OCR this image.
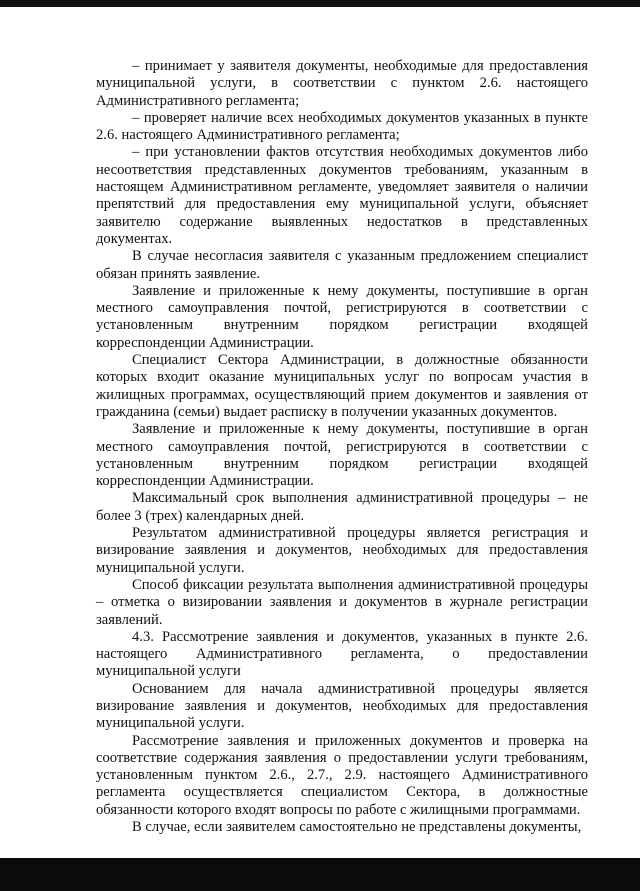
– принимает у заявителя документы, необходимые для предоставления муниципальной услуги, в соответствии с пунктом 2.6. настоящего Административного регламента;

– проверяет наличие всех необходимых документов указанных в пункте 2.6. настоящего Административного регламента;

– при установлении фактов отсутствия необходимых документов либо несоответствия представленных документов требованиям, указанным в настоящем Административном регламенте, уведомляет заявителя о наличии препятствий для предоставления ему муниципальной услуги, объясняет заявителю содержание выявленных недостатков в представленных документах.

В случае несогласия заявителя с указанным предложением специалист обязан принять заявление.

Заявление и приложенные к нему документы, поступившие в орган местного самоуправления почтой, регистрируются в соответствии с установленным внутренним порядком регистрации входящей корреспонденции Администрации.

Специалист Сектора Администрации, в должностные обязанности которых входит оказание муниципальных услуг по вопросам участия в жилищных программах, осуществляющий прием документов и заявления от гражданина (семьи) выдает расписку в получении указанных документов.

Заявление и приложенные к нему документы, поступившие в орган местного самоуправления почтой, регистрируются в соответствии с установленным внутренним порядком регистрации входящей корреспонденции Администрации.

Максимальный срок выполнения административной процедуры – не более 3 (трех) календарных дней.

Результатом административной процедуры является регистрация и визирование заявления и документов, необходимых для предоставления муниципальной услуги.

Способ фиксации результата выполнения административной процедуры – отметка о визировании заявления и документов в журнале регистрации заявлений.

4.3. Рассмотрение заявления и документов, указанных в пункте 2.6. настоящего Административного регламента, о предоставлении муниципальной услуги

Основанием для начала административной процедуры является визирование заявления и документов, необходимых для предоставления муниципальной услуги.

Рассмотрение заявления и приложенных документов и проверка на соответствие содержания заявления о предоставлении услуги требованиям, установленным пунктом 2.6., 2.7., 2.9. настоящего Административного регламента осуществляется специалистом Сектора, в должностные обязанности которого входят вопросы по работе с жилищными программами.

В случае, если заявителем самостоятельно не представлены документы,
